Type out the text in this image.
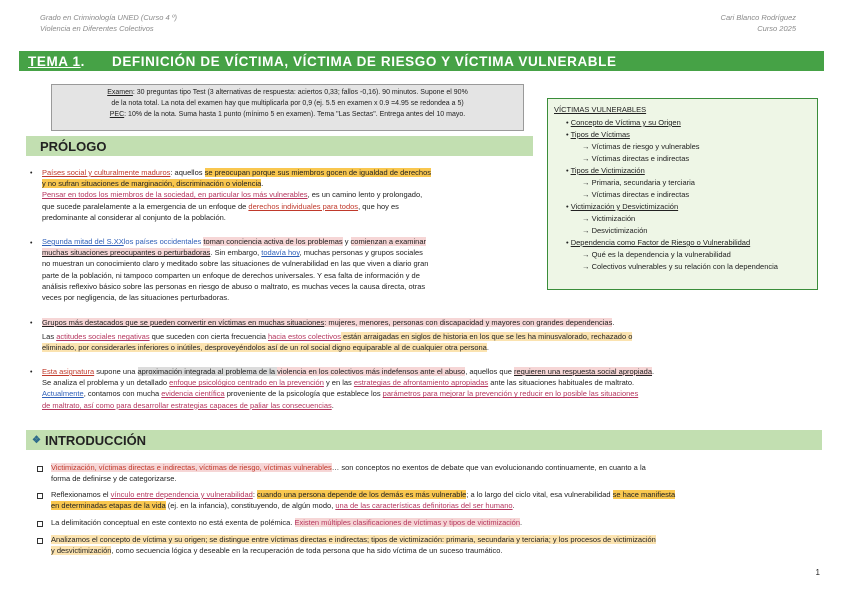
Grado en Criminología UNED (Curso 4 º)
Violencia en Diferentes Colectivos
Cari Blanco Rodríguez
Curso 2025
TEMA 1 . DEFINICIÓN DE VÍCTIMA, VÍCTIMA DE RIESGO Y VÍCTIMA VULNERABLE
Examen: 30 preguntas tipo Test (3 alternativas de respuesta: aciertos 0,33; fallos -0,16). 90 minutos. Supone el 90%
de la nota total. La nota del examen hay que multiplicarla por 0,9 (ej. 5.5 en examen x 0.9 =4.95 se redondea a 5)
PEC: 10% de la nota. Suma hasta 1 punto (mínimo 5 en examen). Tema "Las Sectas". Entrega antes del 10 mayo.
VÍCTIMAS VULNERABLES
• Concepto de Víctima y su Origen
• Tipos de Víctimas
→ Víctimas de riesgo y vulnerables
→ Víctimas directas e indirectas
• Tipos de Victimización
→ Primaria, secundaria y terciaria
→ Víctimas directas e indirectas
• Victimización y Desvictimización
→ Victimización
→ Desvictimización
• Dependencia como Factor de Riesgo o Vulnerabilidad
→ Qué es la dependencia y la vulnerabilidad
→ Colectivos vulnerables y su relación con la dependencia
PRÓLOGO
• Países social y culturalmente maduros: aquellos se preocupan porque sus miembros gocen de igualdad de derechos
y no sufran situaciones de marginación, discriminación o violencia.
Pensar en todos los miembros de la sociedad, en particular los más vulnerables, es un camino lento y prolongado,
que sucede paralelamente a la emergencia de un enfoque de derechos individuales para todos, que hoy es
predominante al considerar al conjunto de la población.
• Segunda mitad del S.XXlos países occidentales toman conciencia activa de los problemas y comienzan a examinar
muchas situaciones preocupantes o perturbadoras. Sin embargo, todavía hoy, muchas personas y grupos sociales
no muestran un conocimiento claro y meditado sobre las situaciones de vulnerabilidad en las que viven a diario gran
parte de la población, ni tampoco comparten un enfoque de derechos universales. Y esa falta de información y de
análisis reflexivo básico sobre las personas en riesgo de abuso o maltrato, es muchas veces la causa directa, otras
veces por negligencia, de las situaciones perturbadoras.
• Grupos más destacados que se pueden convertir en víctimas en muchas situaciones: mujeres, menores, personas con discapacidad y mayores con grandes dependencias.
Las actitudes sociales negativas que suceden con cierta frecuencia hacia estos colectivos están arraigadas en siglos de historia en los que se les ha minusvalorado, rechazado o
eliminado, por considerarles inferiores o inútiles, desproveyéndolos así de un rol social digno equiparable al de cualquier otra persona.
• Esta asignatura supone una aproximación integrada al problema de la violencia en los colectivos más indefensos ante el abuso, aquellos que requieren una respuesta social apropiada.
Se analiza el problema y un detallado enfoque psicológico centrado en la prevención y en las estrategias de afrontamiento apropiadas ante las situaciones habituales de maltrato.
Actualmente, contamos con mucha evidencia científica proveniente de la psicología que establece los parámetros para mejorar la prevención y reducir en lo posible las situaciones
de maltrato, así como para desarrollar estrategias capaces de paliar las consecuencias.
❖ INTRODUCCIÓN
Victimización, víctimas directas e indirectas, víctimas de riesgo, víctimas vulnerables… son conceptos no exentos de debate que van evolucionando continuamente, en cuanto a la
forma de definirse y de categorizarse.
Reflexionamos el vínculo entre dependencia y vulnerabilidad: cuando una persona depende de los demás es más vulnerable; a lo largo del ciclo vital, esa vulnerabilidad se hace manifiesta
en determinadas etapas de la vida (ej. en la infancia), constituyendo, de algún modo, una de las características definitorias del ser humano.
La delimitación conceptual en este contexto no está exenta de polémica. Existen múltiples clasificaciones de víctimas y tipos de victimización.
Analizamos el concepto de víctima y su origen; se distingue entre víctimas directas e indirectas; tipos de victimización: primaria, secundaria y terciaria; y los procesos de victimización
y desvictimización, como secuencia lógica y deseable en la recuperación de toda persona que ha sido víctima de un suceso traumático.
1
